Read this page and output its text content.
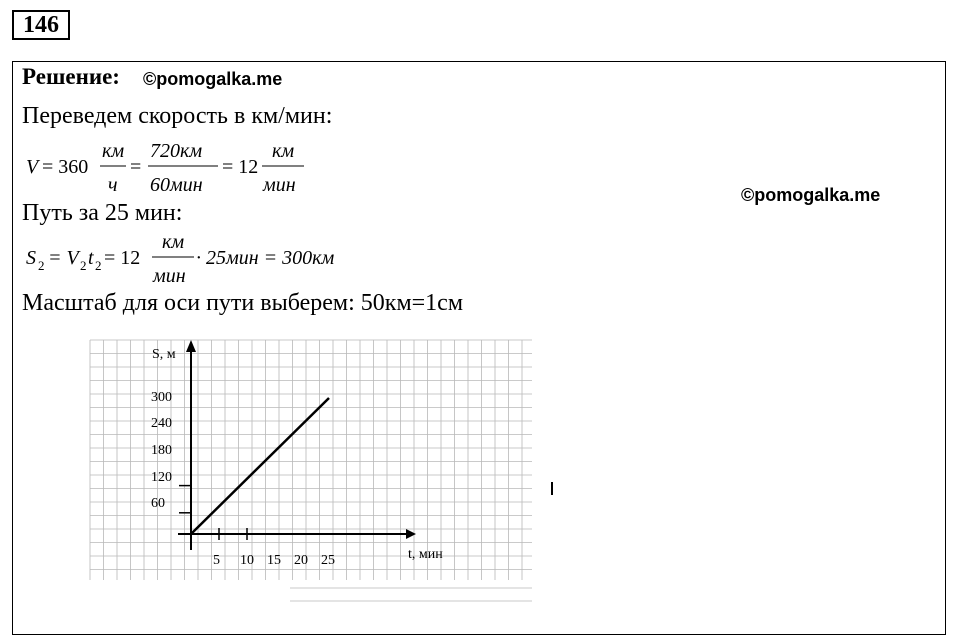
146
Решение: ©pomogalka.me
©pomogalka.me
Переведем скорость в км/мин:
V = 360
км
ч
=
720км
60мин
= 12
км
мин
Путь за 25 мин:
S 2 = V 2 t 2 = 12
км
мин
· 25мин = 300км
Масштаб для оси пути выберем: 50км=1см
300
240
180
120
60
5 10 15 20 25
S, м
t, мин
